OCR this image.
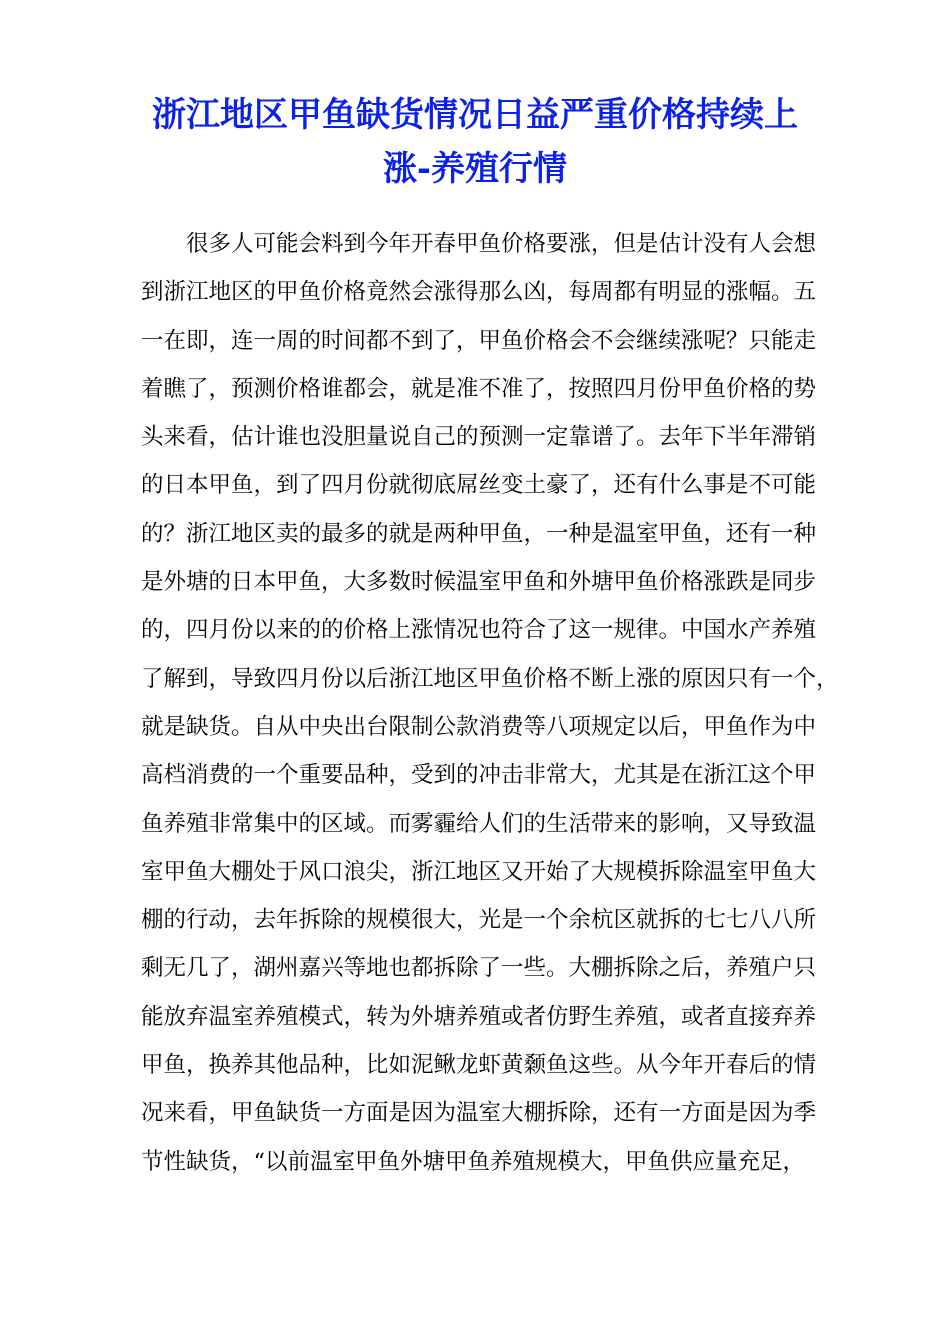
浙江地区甲鱼缺货情况日益严重价格持续上
涨-养殖行情
很多人可能会料到今年开春甲鱼价格要涨，但是估计没有人会想
到浙江地区的甲鱼价格竟然会涨得那么凶，每周都有明显的涨幅。五
一在即，连一周的时间都不到了，甲鱼价格会不会继续涨呢？只能走
着瞧了，预测价格谁都会，就是准不准了，按照四月份甲鱼价格的势
头来看，估计谁也没胆量说自己的预测一定靠谱了。去年下半年滞销
的日本甲鱼，到了四月份就彻底屌丝变土豪了，还有什么事是不可能
的？浙江地区卖的最多的就是两种甲鱼，一种是温室甲鱼，还有一种
是外塘的日本甲鱼，大多数时候温室甲鱼和外塘甲鱼价格涨跌是同步
的，四月份以来的的价格上涨情况也符合了这一规律。中国水产养殖
了解到，导致四月份以后浙江地区甲鱼价格不断上涨的原因只有一个，
就是缺货。自从中央出台限制公款消费等八项规定以后，甲鱼作为中
高档消费的一个重要品种，受到的冲击非常大，尤其是在浙江这个甲
鱼养殖非常集中的区域。而雾霾给人们的生活带来的影响，又导致温
室甲鱼大棚处于风口浪尖，浙江地区又开始了大规模拆除温室甲鱼大
棚的行动，去年拆除的规模很大，光是一个余杭区就拆的七七八八所
剩无几了，湖州嘉兴等地也都拆除了一些。大棚拆除之后，养殖户只
能放弃温室养殖模式，转为外塘养殖或者仿野生养殖，或者直接弃养
甲鱼，换养其他品种，比如泥鳅龙虾黄颡鱼这些。从今年开春后的情
况来看，甲鱼缺货一方面是因为温室大棚拆除，还有一方面是因为季
节性缺货，“以前温室甲鱼外塘甲鱼养殖规模大，甲鱼供应量充足，
